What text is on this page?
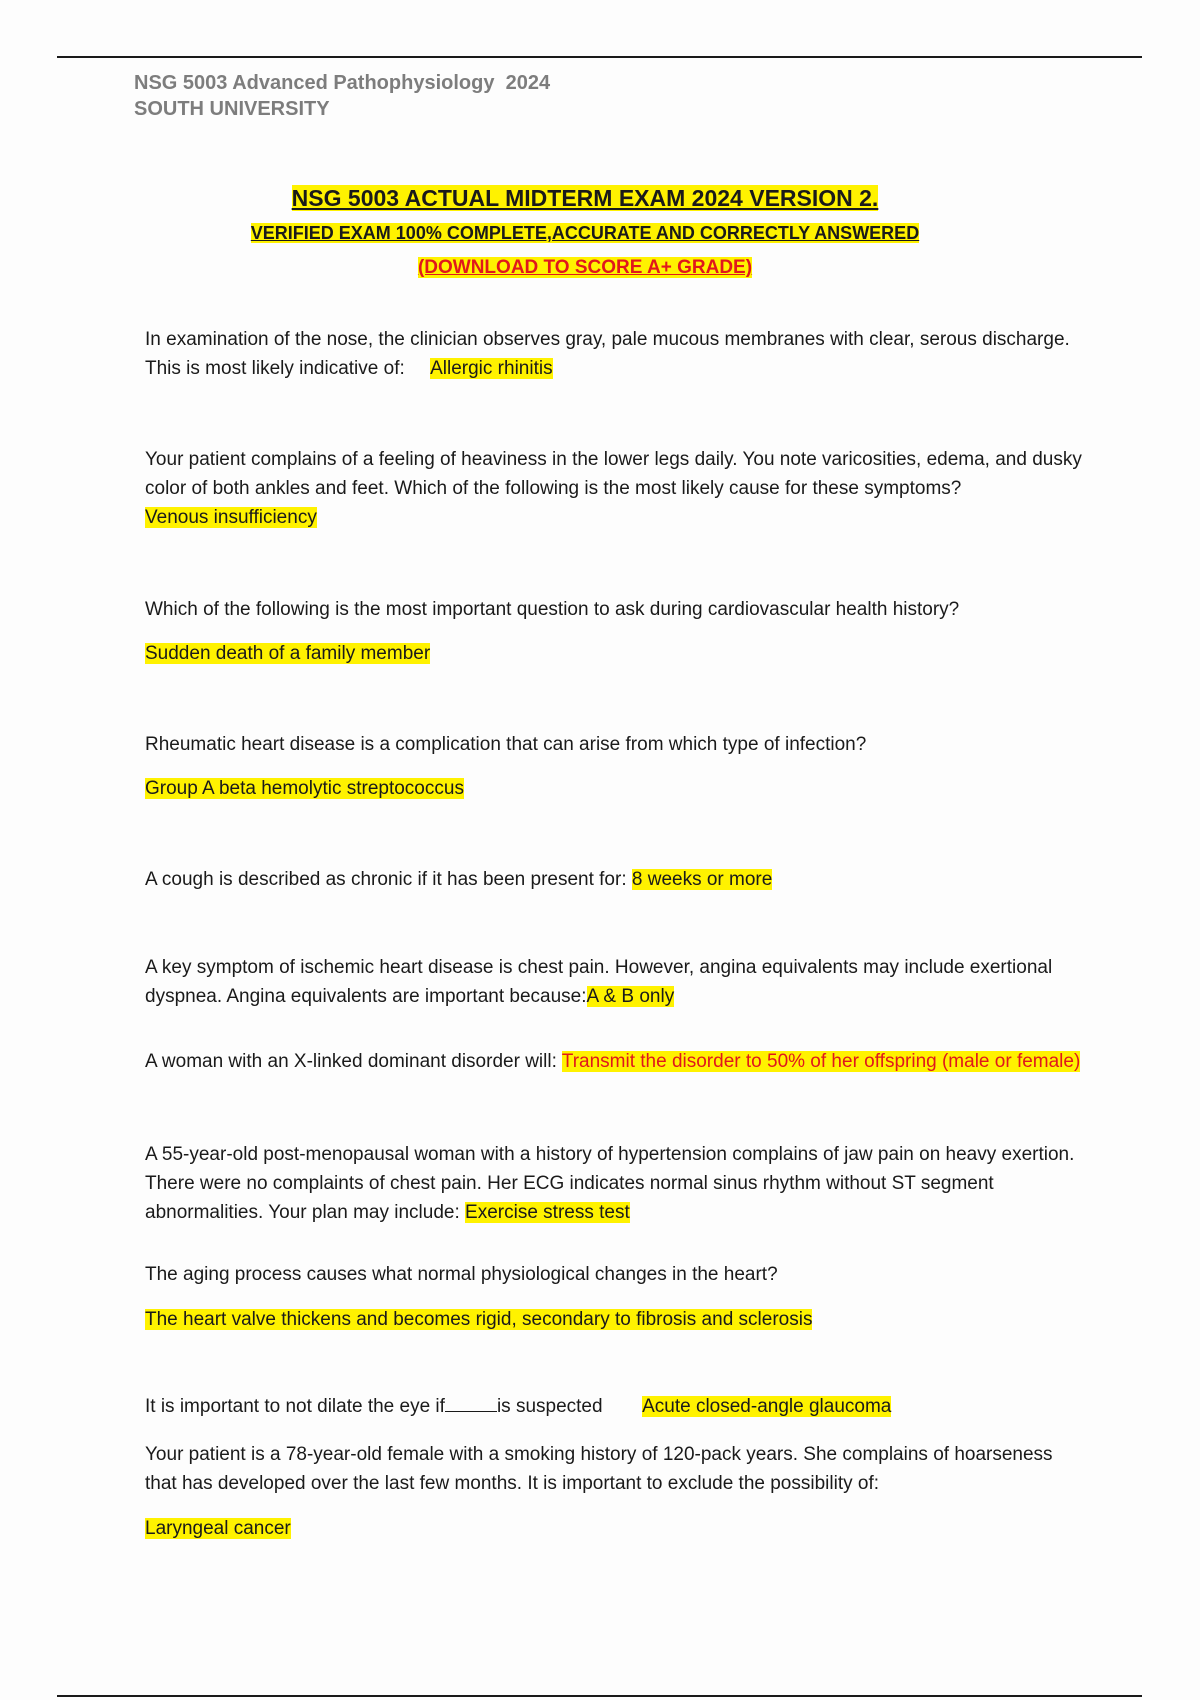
NSG 5003 Advanced Pathophysiology  2024
SOUTH UNIVERSITY
NSG 5003 ACTUAL MIDTERM EXAM 2024 VERSION 2.
VERIFIED EXAM 100% COMPLETE,ACCURATE AND CORRECTLY ANSWERED
(DOWNLOAD TO SCORE A+ GRADE)
In examination of the nose, the clinician observes gray, pale mucous membranes with clear, serous discharge. This is most likely indicative of: Allergic rhinitis
Your patient complains of a feeling of heaviness in the lower legs daily. You note varicosities, edema, and dusky color of both ankles and feet. Which of the following is the most likely cause for these symptoms?
Venous insufficiency
Which of the following is the most important question to ask during cardiovascular health history?
Sudden death of a family member
Rheumatic heart disease is a complication that can arise from which type of infection?
Group A beta hemolytic streptococcus
A cough is described as chronic if it has been present for: 8 weeks or more
A key symptom of ischemic heart disease is chest pain. However, angina equivalents may include exertional dyspnea. Angina equivalents are important because:A & B only
A woman with an X-linked dominant disorder will: Transmit the disorder to 50% of her offspring (male or female)
A 55-year-old post-menopausal woman with a history of hypertension complains of jaw pain on heavy exertion. There were no complaints of chest pain. Her ECG indicates normal sinus rhythm without ST segment abnormalities. Your plan may include: Exercise stress test
The aging process causes what normal physiological changes in the heart?
The heart valve thickens and becomes rigid, secondary to fibrosis and sclerosis
It is important to not dilate the eye if	is suspected Acute closed-angle glaucoma
Your patient is a 78-year-old female with a smoking history of 120-pack years. She complains of hoarseness that has developed over the last few months. It is important to exclude the possibility of:
Laryngeal cancer
